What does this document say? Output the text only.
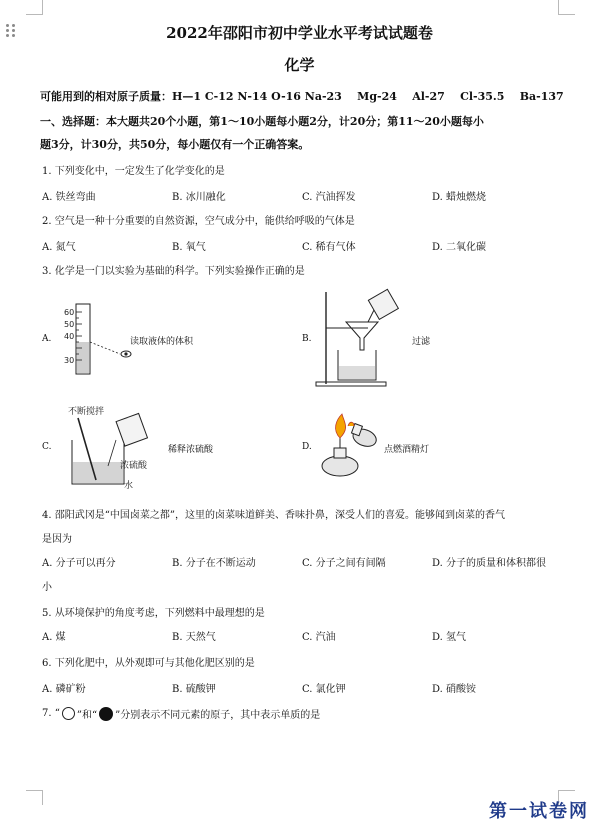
2022年邵阳市初中学业水平考试试题卷
化学
可能用到的相对原子质量：H—1 C-12 N-14 O-16 Na-23    Mg-24    Al-27    Cl-35.5    Ba-137
一、选择题：本大题共20个小题，第1～10小题每小题2分，计20分；第11～20小题每小
题3分，计30分，共50分，每小题仅有一个正确答案。
1. 下列变化中，一定发生了化学变化的是
A. 铁丝弯曲	B. 冰川融化	C. 汽油挥发	D. 蜡烛燃烧
2. 空气是一种十分重要的自然资源，空气成分中，能供给呼吸的气体是
A. 氮气	B. 氧气	C. 稀有气体	D. 二氧化碳
3. 化学是一门以实验为基础的科学。下列实验操作正确的是
A.
60
50
40
30
读取液体的体积	B.	过滤
C.
不断搅拌
浓硫酸
水
稀释浓硫酸	D.	点燃酒精灯
4. 邵阳武冈是“中国卤菜之都”，这里的卤菜味道鲜美、香味扑鼻，深受人们的喜爱。能够闻到卤菜的香气
是因为
A. 分子可以再分	B. 分子在不断运动	C. 分子之间有间隔	D. 分子的质量和体积都很
小
5. 从环境保护的角度考虑，下列燃料中最理想的是
A. 煤	B. 天然气	C. 汽油	D. 氢气
6. 下列化肥中，从外观即可与其他化肥区别的是
A. 磷矿粉	B. 硫酸钾	C. 氯化钾	D. 硝酸铵
7. “ ”和“ ”分别表示不同元素的原子，其中表示单质的是
第一试卷网
